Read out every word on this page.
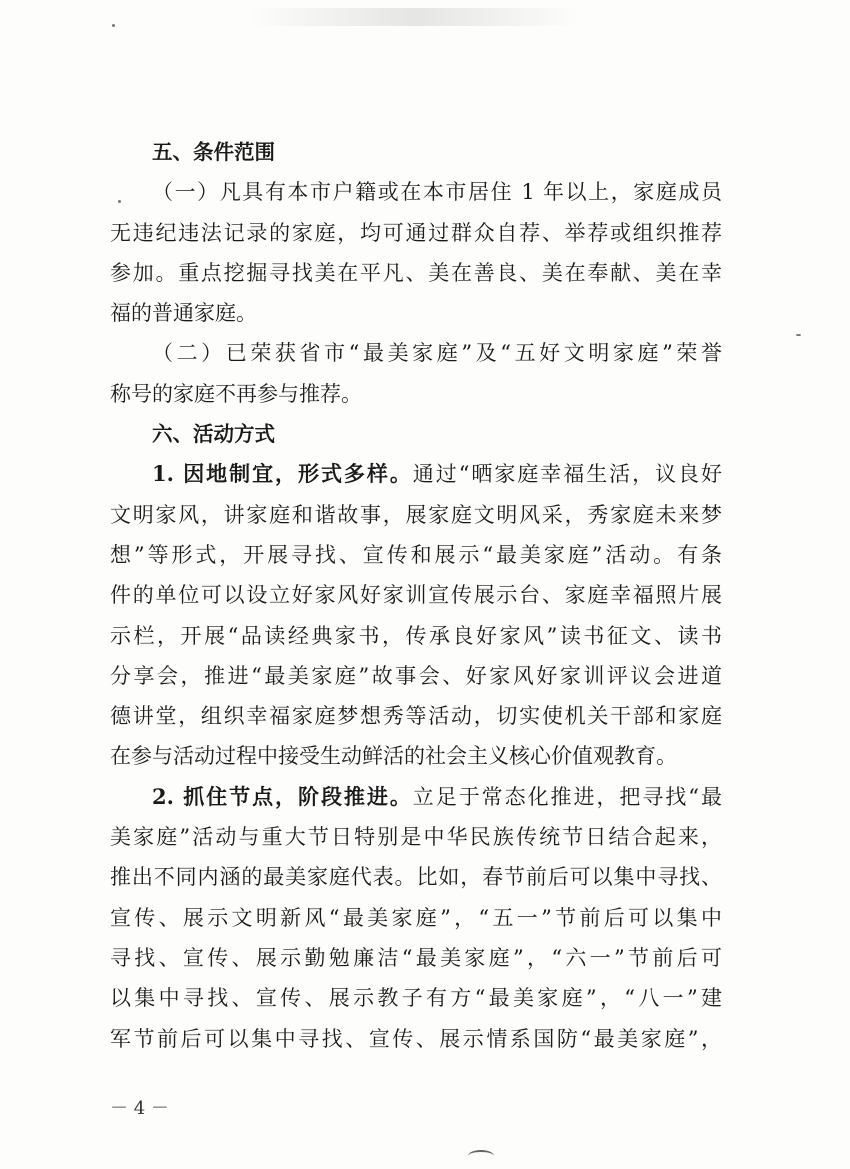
五、条件范围
（一）凡具有本市户籍或在本市居住 1 年以上，家庭成员
无违纪违法记录的家庭，均可通过群众自荐、举荐或组织推荐
参加。重点挖掘寻找美在平凡、美在善良、美在奉献、美在幸
福的普通家庭。
（二）已荣获省市“最美家庭”及“五好文明家庭”荣誉
称号的家庭不再参与推荐。
六、活动方式
1. 因地制宜，形式多样。通过“晒家庭幸福生活，议良好
文明家风，讲家庭和谐故事，展家庭文明风采，秀家庭未来梦
想”等形式，开展寻找、宣传和展示“最美家庭”活动。有条
件的单位可以设立好家风好家训宣传展示台、家庭幸福照片展
示栏，开展“品读经典家书，传承良好家风”读书征文、读书
分享会，推进“最美家庭”故事会、好家风好家训评议会进道
德讲堂，组织幸福家庭梦想秀等活动，切实使机关干部和家庭
在参与活动过程中接受生动鲜活的社会主义核心价值观教育。
2. 抓住节点，阶段推进。立足于常态化推进，把寻找“最
美家庭”活动与重大节日特别是中华民族传统节日结合起来，
推出不同内涵的最美家庭代表。比如，春节前后可以集中寻找、
宣传、展示文明新风“最美家庭”，“五一”节前后可以集中
寻找、宣传、展示勤勉廉洁“最美家庭”，“六一”节前后可
以集中寻找、宣传、展示教子有方“最美家庭”，“八一”建
军节前后可以集中寻找、宣传、展示情系国防“最美家庭”，
－ 4 －
